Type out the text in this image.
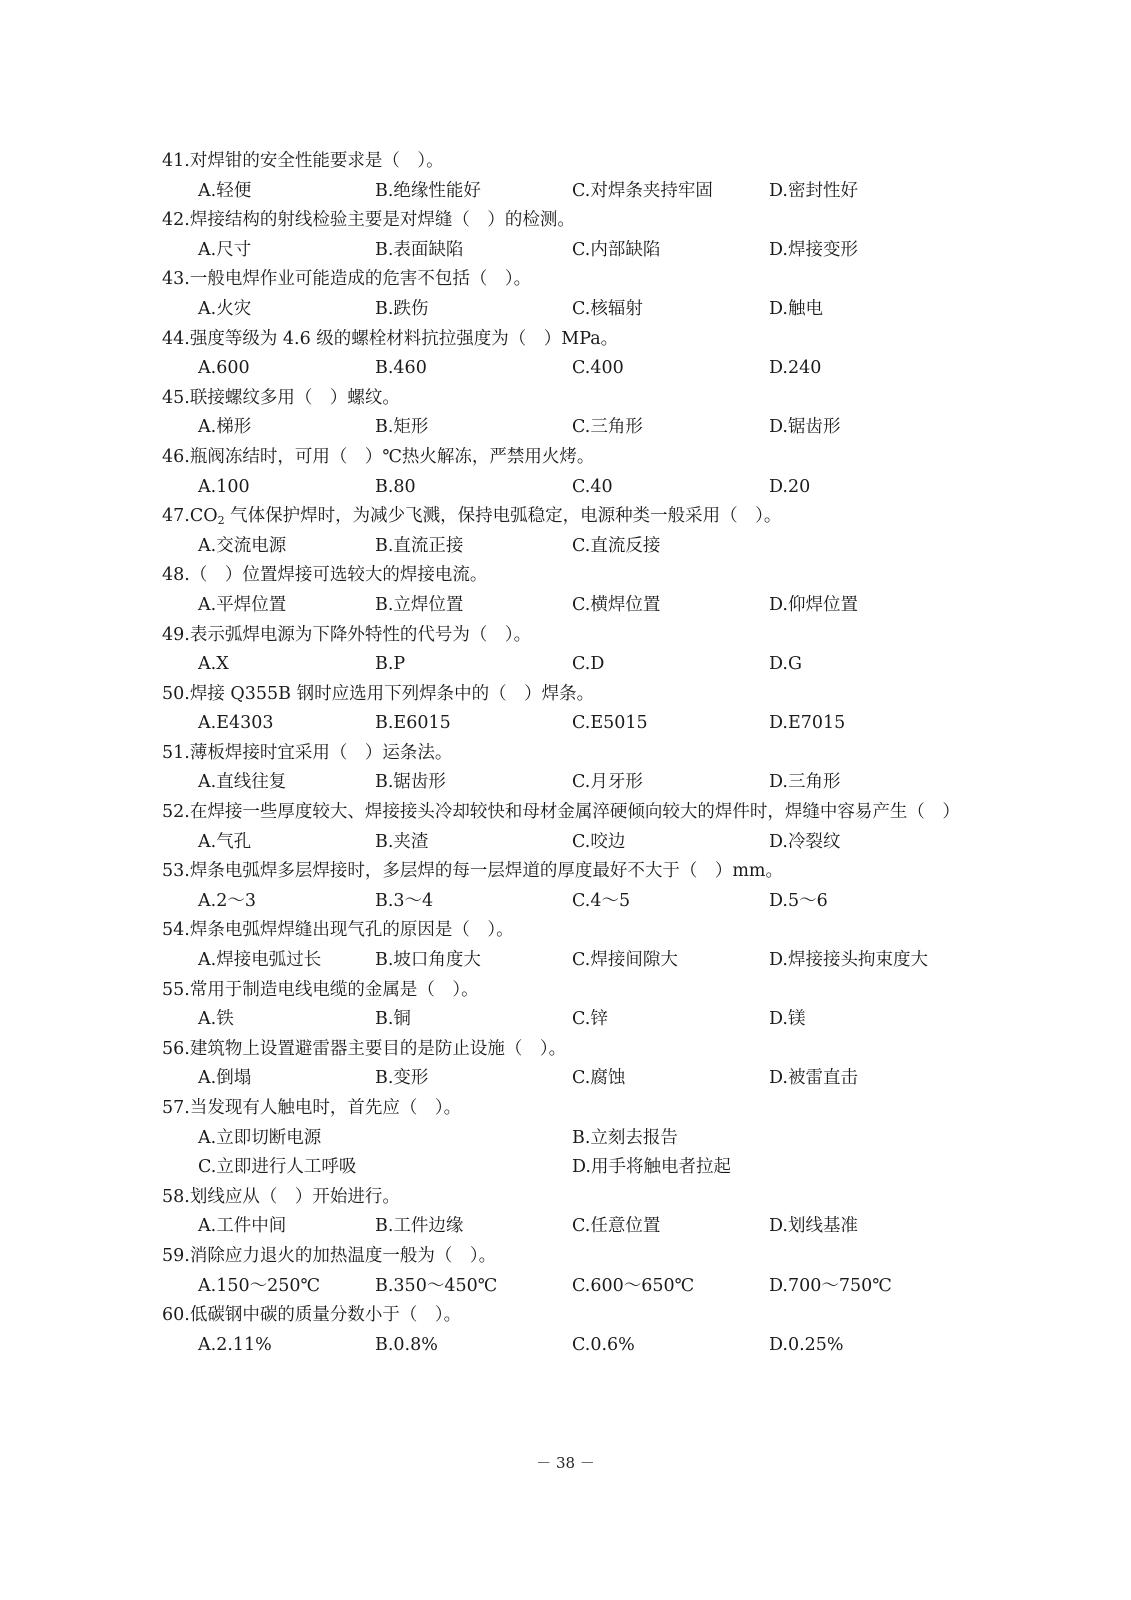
41.对焊钳的安全性能要求是（　）。
A.轻便	B.绝缘性能好	C.对焊条夹持牢固	D.密封性好
42.焊接结构的射线检验主要是对焊缝（　）的检测。
A.尺寸	B.表面缺陷	C.内部缺陷	D.焊接变形
43.一般电焊作业可能造成的危害不包括（　）。
A.火灾	B.跌伤	C.核辐射	D.触电
44.强度等级为 4.6 级的螺栓材料抗拉强度为（　）MPa。
A.600	B.460	C.400	D.240
45.联接螺纹多用（　）螺纹。
A.梯形	B.矩形	C.三角形	D.锯齿形
46.瓶阀冻结时，可用（　）℃热火解冻，严禁用火烤。
A.100	B.80	C.40	D.20
$47.CO_2$ 气体保护焊时，为减少飞溅，保持电弧稳定，电源种类一般采用（　）。
A.交流电源	B.直流正接	C.直流反接
48.（　）位置焊接可选较大的焊接电流。
A.平焊位置	B.立焊位置	C.横焊位置	D.仰焊位置
49.表示弧焊电源为下降外特性的代号为（　）。
A.X	B.P	C.D	D.G
50.焊接 Q355B 钢时应选用下列焊条中的（　）焊条。
A.E4303	B.E6015	C.E5015	D.E7015
51.薄板焊接时宜采用（　）运条法。
A.直线往复	B.锯齿形	C.月牙形	D.三角形
52.在焊接一些厚度较大、焊接接头冷却较快和母材金属淬硬倾向较大的焊件时，焊缝中容易产生（　）
A.气孔	B.夹渣	C.咬边	D.冷裂纹
53.焊条电弧焊多层焊接时，多层焊的每一层焊道的厚度最好不大于（　）mm。
A.2～3	B.3～4	C.4～5	D.5～6
54.焊条电弧焊焊缝出现气孔的原因是（　）。
A.焊接电弧过长	B.坡口角度大	C.焊接间隙大	D.焊接接头拘束度大
55.常用于制造电线电缆的金属是（　）。
A.铁	B.铜	C.锌	D.镁
56.建筑物上设置避雷器主要目的是防止设施（　）。
A.倒塌	B.变形	C.腐蚀	D.被雷直击
57.当发现有人触电时，首先应（　）。
A.立即切断电源	B.立刻去报告
C.立即进行人工呼吸	D.用手将触电者拉起
58.划线应从（　）开始进行。
A.工件中间	B.工件边缘	C.任意位置	D.划线基准
59.消除应力退火的加热温度一般为（　）。
A.150～250℃	B.350～450℃	C.600～650℃	D.700～750℃
60.低碳钢中碳的质量分数小于（　）。
A.2.11%	B.0.8%	C.0.6%	D.0.25%
－ 38 －
